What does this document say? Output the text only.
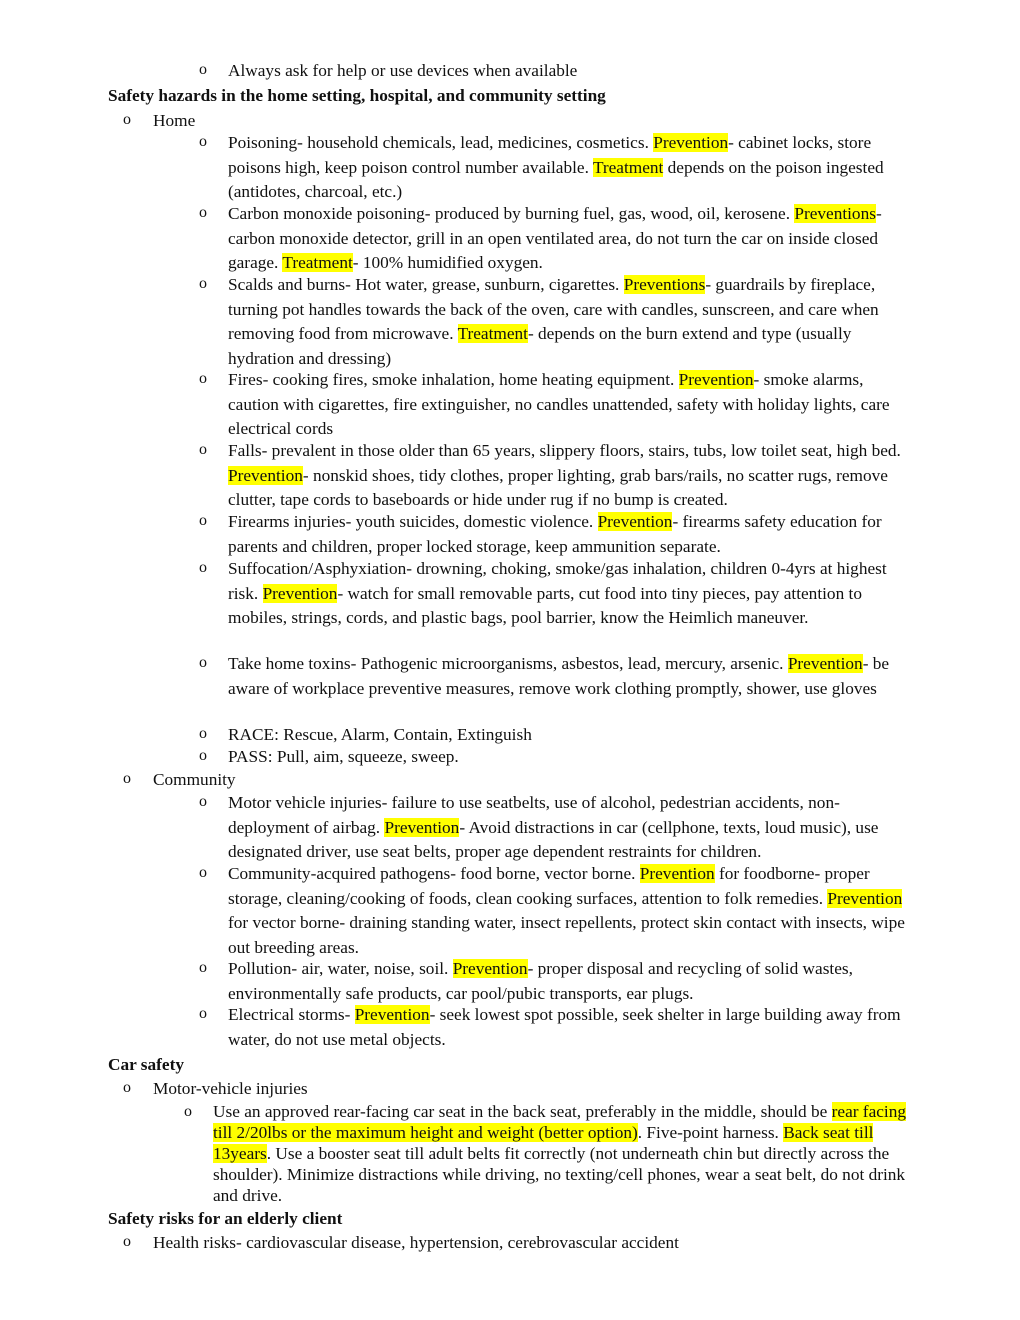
o Always ask for help or use devices when available
Safety hazards in the home setting, hospital, and community setting
o Home
o Poisoning- household chemicals, lead, medicines, cosmetics. Prevention- cabinet locks, store poisons high, keep poison control number available. Treatment depends on the poison ingested (antidotes, charcoal, etc.)
o Carbon monoxide poisoning- produced by burning fuel, gas, wood, oil, kerosene. Preventions- carbon monoxide detector, grill in an open ventilated area, do not turn the car on inside closed garage. Treatment- 100% humidified oxygen.
o Scalds and burns- Hot water, grease, sunburn, cigarettes. Preventions- guardrails by fireplace, turning pot handles towards the back of the oven, care with candles, sunscreen, and care when removing food from microwave. Treatment- depends on the burn extend and type (usually hydration and dressing)
o Fires- cooking fires, smoke inhalation, home heating equipment. Prevention- smoke alarms, caution with cigarettes, fire extinguisher, no candles unattended, safety with holiday lights, care electrical cords
o Falls- prevalent in those older than 65 years, slippery floors, stairs, tubs, low toilet seat, high bed. Prevention- nonskid shoes, tidy clothes, proper lighting, grab bars/rails, no scatter rugs, remove clutter, tape cords to baseboards or hide under rug if no bump is created.
o Firearms injuries- youth suicides, domestic violence. Prevention- firearms safety education for parents and children, proper locked storage, keep ammunition separate.
o Suffocation/Asphyxiation- drowning, choking, smoke/gas inhalation, children 0-4yrs at highest risk. Prevention- watch for small removable parts, cut food into tiny pieces, pay attention to mobiles, strings, cords, and plastic bags, pool barrier, know the Heimlich maneuver.
o Take home toxins- Pathogenic microorganisms, asbestos, lead, mercury, arsenic. Prevention- be aware of workplace preventive measures, remove work clothing promptly, shower, use gloves
o RACE: Rescue, Alarm, Contain, Extinguish
o PASS: Pull, aim, squeeze, sweep.
o Community
o Motor vehicle injuries- failure to use seatbelts, use of alcohol, pedestrian accidents, non-deployment of airbag. Prevention- Avoid distractions in car (cellphone, texts, loud music), use designated driver, use seat belts, proper age dependent restraints for children.
o Community-acquired pathogens- food borne, vector borne. Prevention for foodborne- proper storage, cleaning/cooking of foods, clean cooking surfaces, attention to folk remedies. Prevention for vector borne- draining standing water, insect repellents, protect skin contact with insects, wipe out breeding areas.
o Pollution- air, water, noise, soil. Prevention- proper disposal and recycling of solid wastes, environmentally safe products, car pool/pubic transports, ear plugs.
o Electrical storms- Prevention- seek lowest spot possible, seek shelter in large building away from water, do not use metal objects.
Car safety
o Motor-vehicle injuries
o Use an approved rear-facing car seat in the back seat, preferably in the middle, should be rear facing till 2/20lbs or the maximum height and weight (better option). Five-point harness. Back seat till 13years. Use a booster seat till adult belts fit correctly (not underneath chin but directly across the shoulder). Minimize distractions while driving, no texting/cell phones, wear a seat belt, do not drink and drive.
Safety risks for an elderly client
o Health risks- cardiovascular disease, hypertension, cerebrovascular accident
